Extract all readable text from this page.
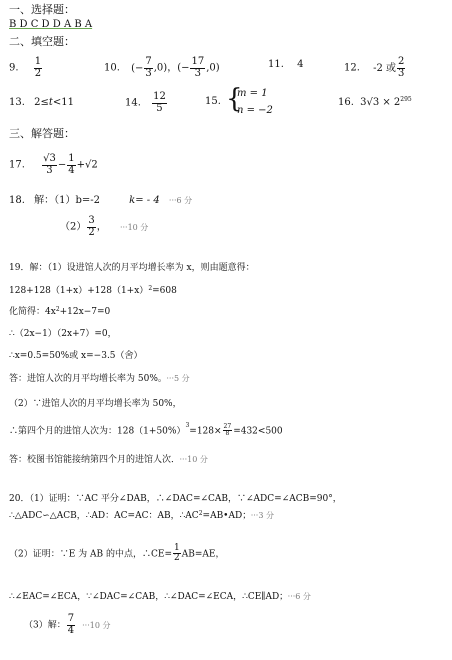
一、选择题：
B D C D D A B A
二、填空题：
9. $\frac{1}{2}$	10. (− $\frac{7}{3} ,0$)，(− $\frac{17}{3} ,0$)	11. 4	12. -2 或 $\frac{2}{3}$
13. 2≤t<11	14. $\frac{12}{5}$	15. {
m = 1
n = −2
16. $3√3 \times 2^{295}$
三、解答题：
17. $\frac{√3}{3} - \frac{1}{4} +√2$
18. 解：（1）b=-2	k= - 4 ···6 分
$(2) \frac{3}{2}$ ， ···10 分
19．解：（1）设进馆人次的月平均增长率为 x，则由题意得：
$128+128(1+x)+128(1+x)^2=608$
化简得：$4x^2+12x-7=0$
∴（2x−1）（2x+7）=0，
∴x=0.5=50%或 x=−3.5（舍）
答：进馆人次的月平均增长率为 50%。 ···5 分
（2）∵进馆人次的月平均增长率为 50%，
∴第四个月的进馆人次为：$128(1+50\%)^3=128\times \frac{27}{8} =432<500$
答：校图书馆能接纳第四个月的进馆人次． ···10 分
20．（1）证明：∵AC 平分∠DAB，∴∠DAC=∠CAB，∵∠ADC=∠ACB=90°，
∴△ADC∽△ACB，∴AD：AC=AC：AB，$\therefore AC^2=AB•AD$； ···3 分
（2）证明：∵E 为 AB 的中点，∴CE= $\frac{1}{2} AB=AE$，
∴∠EAC=∠ECA，∵∠DAC=∠CAB，∴∠DAC=∠ECA，∴CE∥AD； ···6 分
（3）解： $\frac{7}{4} \cdot\cdot\cdot 10$ 分
